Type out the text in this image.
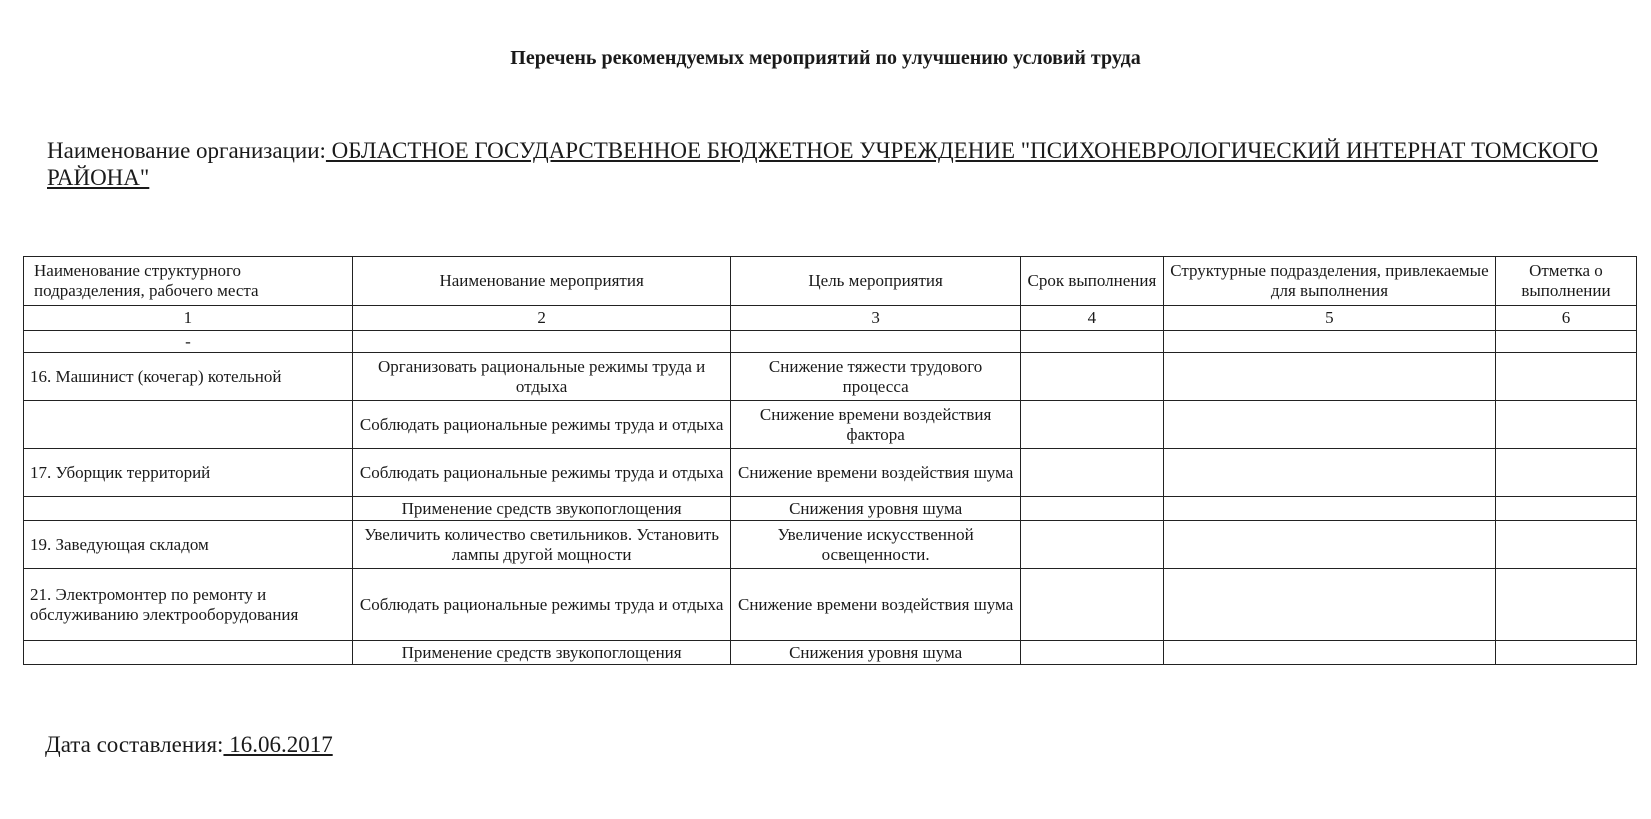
Перечень рекомендуемых мероприятий по улучшению условий труда
Наименование организации: ОБЛАСТНОЕ ГОСУДАРСТВЕННОЕ БЮДЖЕТНОЕ УЧРЕЖДЕНИЕ "ПСИХОНЕВРОЛОГИЧЕСКИЙ ИНТЕРНАТ ТОМСКОГО РАЙОНА"
Наименование структурного подразделения, рабочего места	Наименование мероприятия	Цель мероприятия	Срок выполнения	Структурные подразделения, привлекаемые для выполнения	Отметка о выполнении
1	2	3	4	5	6
-					
16. Машинист (кочегар) котельной	Организовать рациональные режимы труда и отдыха	Снижение тяжести трудового процесса			
	Соблюдать рациональные режимы труда и отдыха	Снижение времени воздействия фактора			
17. Уборщик территорий	Соблюдать рациональные режимы труда и отдыха	Снижение времени воздействия шума			
	Применение средств звукопоглощения	Снижения уровня шума			
19. Заведующая складом	Увеличить количество светильников. Установить лампы другой мощности	Увеличение искусственной освещенности.			
21. Электромонтер по ремонту и обслуживанию электрооборудования	Соблюдать рациональные режимы труда и отдыха	Снижение времени воздействия шума			
	Применение средств звукопоглощения	Снижения уровня шума			
Дата составления: 16.06.2017
